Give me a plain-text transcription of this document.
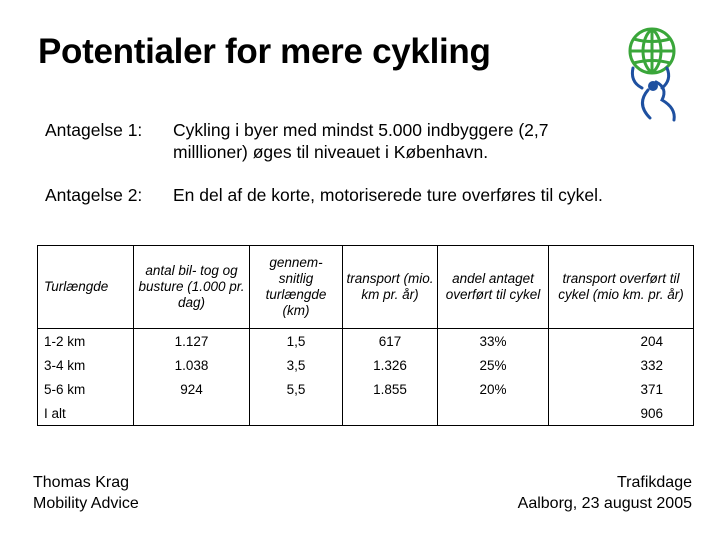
Potentialer for mere cykling
Antagelse 1: Cykling i byer med mindst 5.000 indbyggere (2,7
milllioner) øges til niveauet i København.
Antagelse 2: En del af de korte, motoriserede ture overføres til cykel.
Turlængde	antal bil- tog og busture (1.000 pr. dag)	gennem-snitlig turlængde (km)	transport (mio. km pr. år)	andel antaget overført til cykel	transport overført til cykel (mio km. pr. år)
1-2 km	1.127	1,5	617	33%	204
3-4 km	1.038	3,5	1.326	25%	332
5-6 km	924	5,5	1.855	20%	371
I alt					906
Thomas Krag
Mobility Advice
Trafikdage
Aalborg, 23 august 2005
